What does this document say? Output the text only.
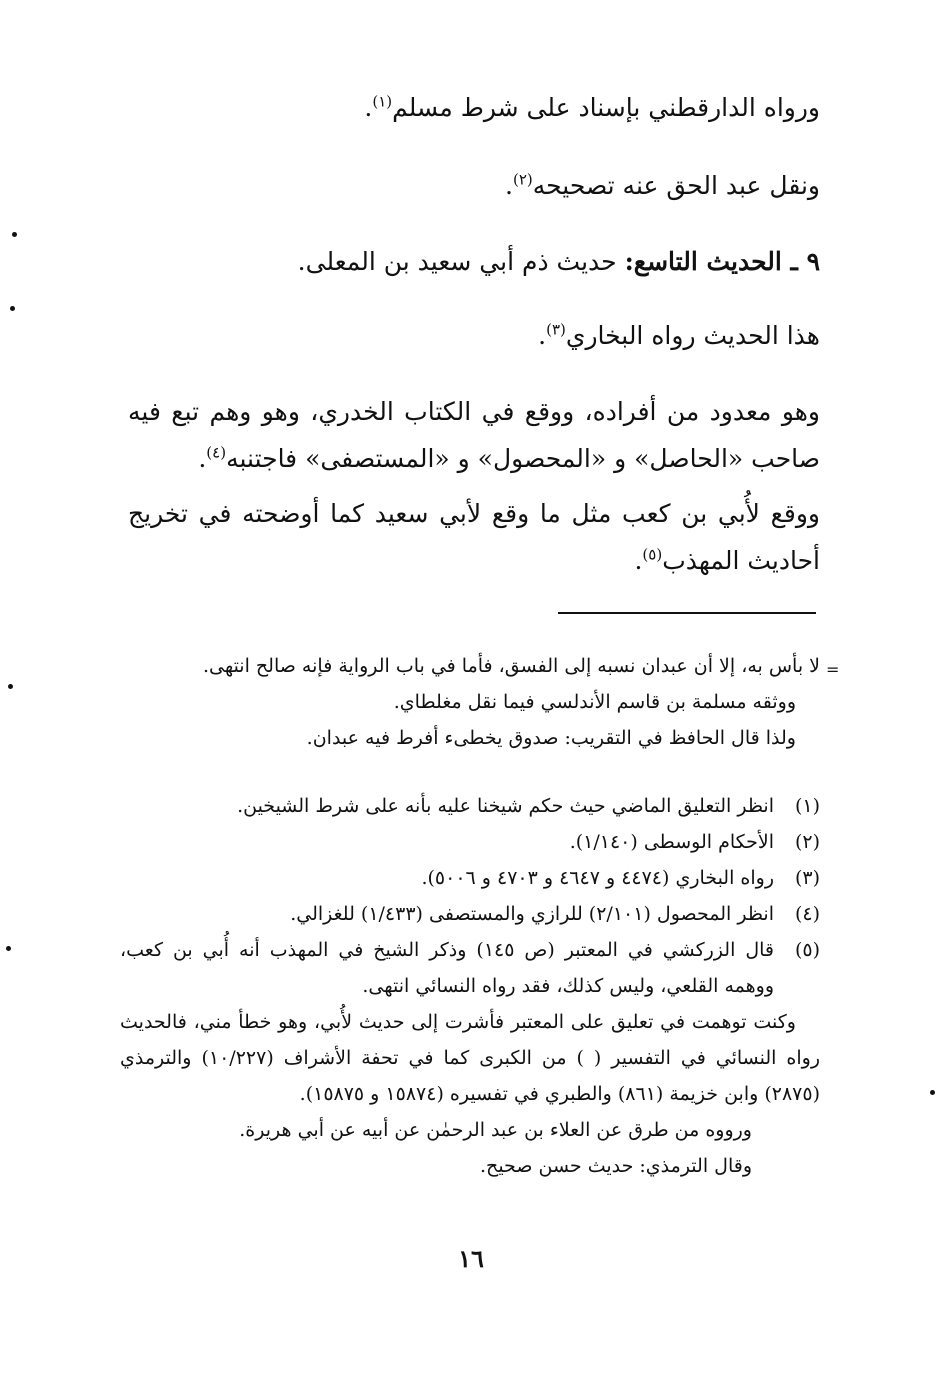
ورواه الدارقطني بإسناد على شرط مسلم$^{(١)}$.

ونقل عبد الحق عنه تصحيحه$^{(٢)}$.

٩ ـ الحديث التاسع: حديث ذم أبي سعيد بن المعلى.

هذا الحديث رواه البخاري$^{(٣)}$.

وهو معدود من أفراده، ووقع في الكتاب الخدري، وهو وهم تبع فيه صاحب «الحاصل» و «المحصول» و «المستصفى» فاجتنبه$^{(٤)}$.

ووقع لأُبي بن كعب مثل ما وقع لأبي سعيد كما أوضحته في تخريج أحاديث المهذب$^{(٥)}$.

=

لا بأس به، إلا أن عبدان نسبه إلى الفسق، فأما في باب الرواية فإنه صالح انتهى.

ووثقه مسلمة بن قاسم الأندلسي فيما نقل مغلطاي.

ولذا قال الحافظ في التقريب: صدوق يخطىء أفرط فيه عبدان.

(١)

انظر التعليق الماضي حيث حكم شيخنا عليه بأنه على شرط الشيخين.

(٢)

الأحكام الوسطى (١/١٤٠).

(٣)

رواه البخاري (٤٤٧٤ و ٤٦٤٧ و ٤٧٠٣ و ٥٠٠٦).

(٤)

انظر المحصول (٢/١٠١) للرازي والمستصفى (١/٤٣٣) للغزالي.

(٥)

قال الزركشي في المعتبر (ص ١٤٥) وذكر الشيخ في المهذب أنه أُبي بن كعب، ووهمه القلعي، وليس كذلك، فقد رواه النسائي انتهى.

وكنت توهمت في تعليق على المعتبر فأشرت إلى حديث لأُبي، وهو خطأ مني، فالحديث رواه النسائي في التفسير ( ) من الكبرى كما في تحفة الأشراف (١٠/٢٢٧) والترمذي (٢٨٧٥) وابن خزيمة (٨٦١) والطبري في تفسيره (١٥٨٧٤ و ١٥٨٧٥).

ورووه من طرق عن العلاء بن عبد الرحمٰن عن أبيه عن أبي هريرة.

وقال الترمذي: حديث حسن صحيح.

١٦
